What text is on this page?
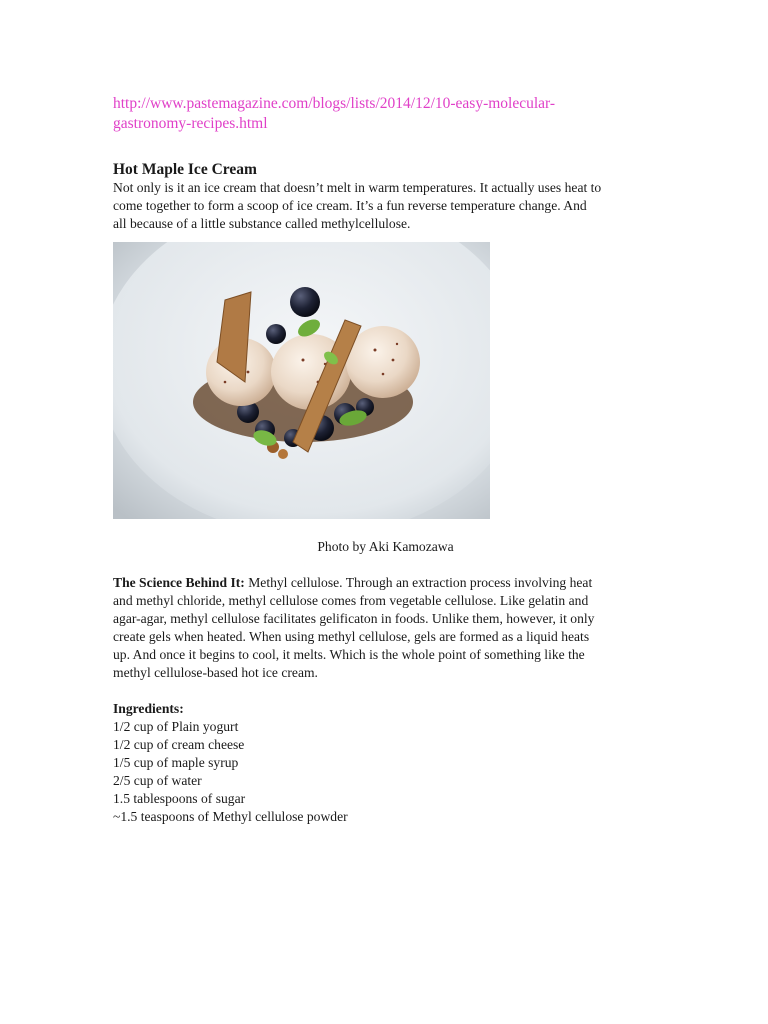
http://www.pastemagazine.com/blogs/lists/2014/12/10-easy-molecular-
gastronomy-recipes.html
Hot Maple Ice Cream

Not only is it an ice cream that doesn’t melt in warm temperatures. It actually uses heat to
come together to form a scoop of ice cream. It’s a fun reverse temperature change. And
all because of a little substance called methylcellulose.

Photo by Aki Kamozawa

The Science Behind It: Methyl cellulose. Through an extraction process involving heat
and methyl chloride, methyl cellulose comes from vegetable cellulose. Like gelatin and
agar-agar, methyl cellulose facilitates gelificaton in foods. Unlike them, however, it only
create gels when heated. When using methyl cellulose, gels are formed as a liquid heats
up. And once it begins to cool, it melts. Which is the whole point of something like the
methyl cellulose-based hot ice cream.

Ingredients:

1/2 cup of Plain yogurt
1/2 cup of cream cheese
1/5 cup of maple syrup
2/5 cup of water
1.5 tablespoons of sugar
~1.5 teaspoons of Methyl cellulose powder
